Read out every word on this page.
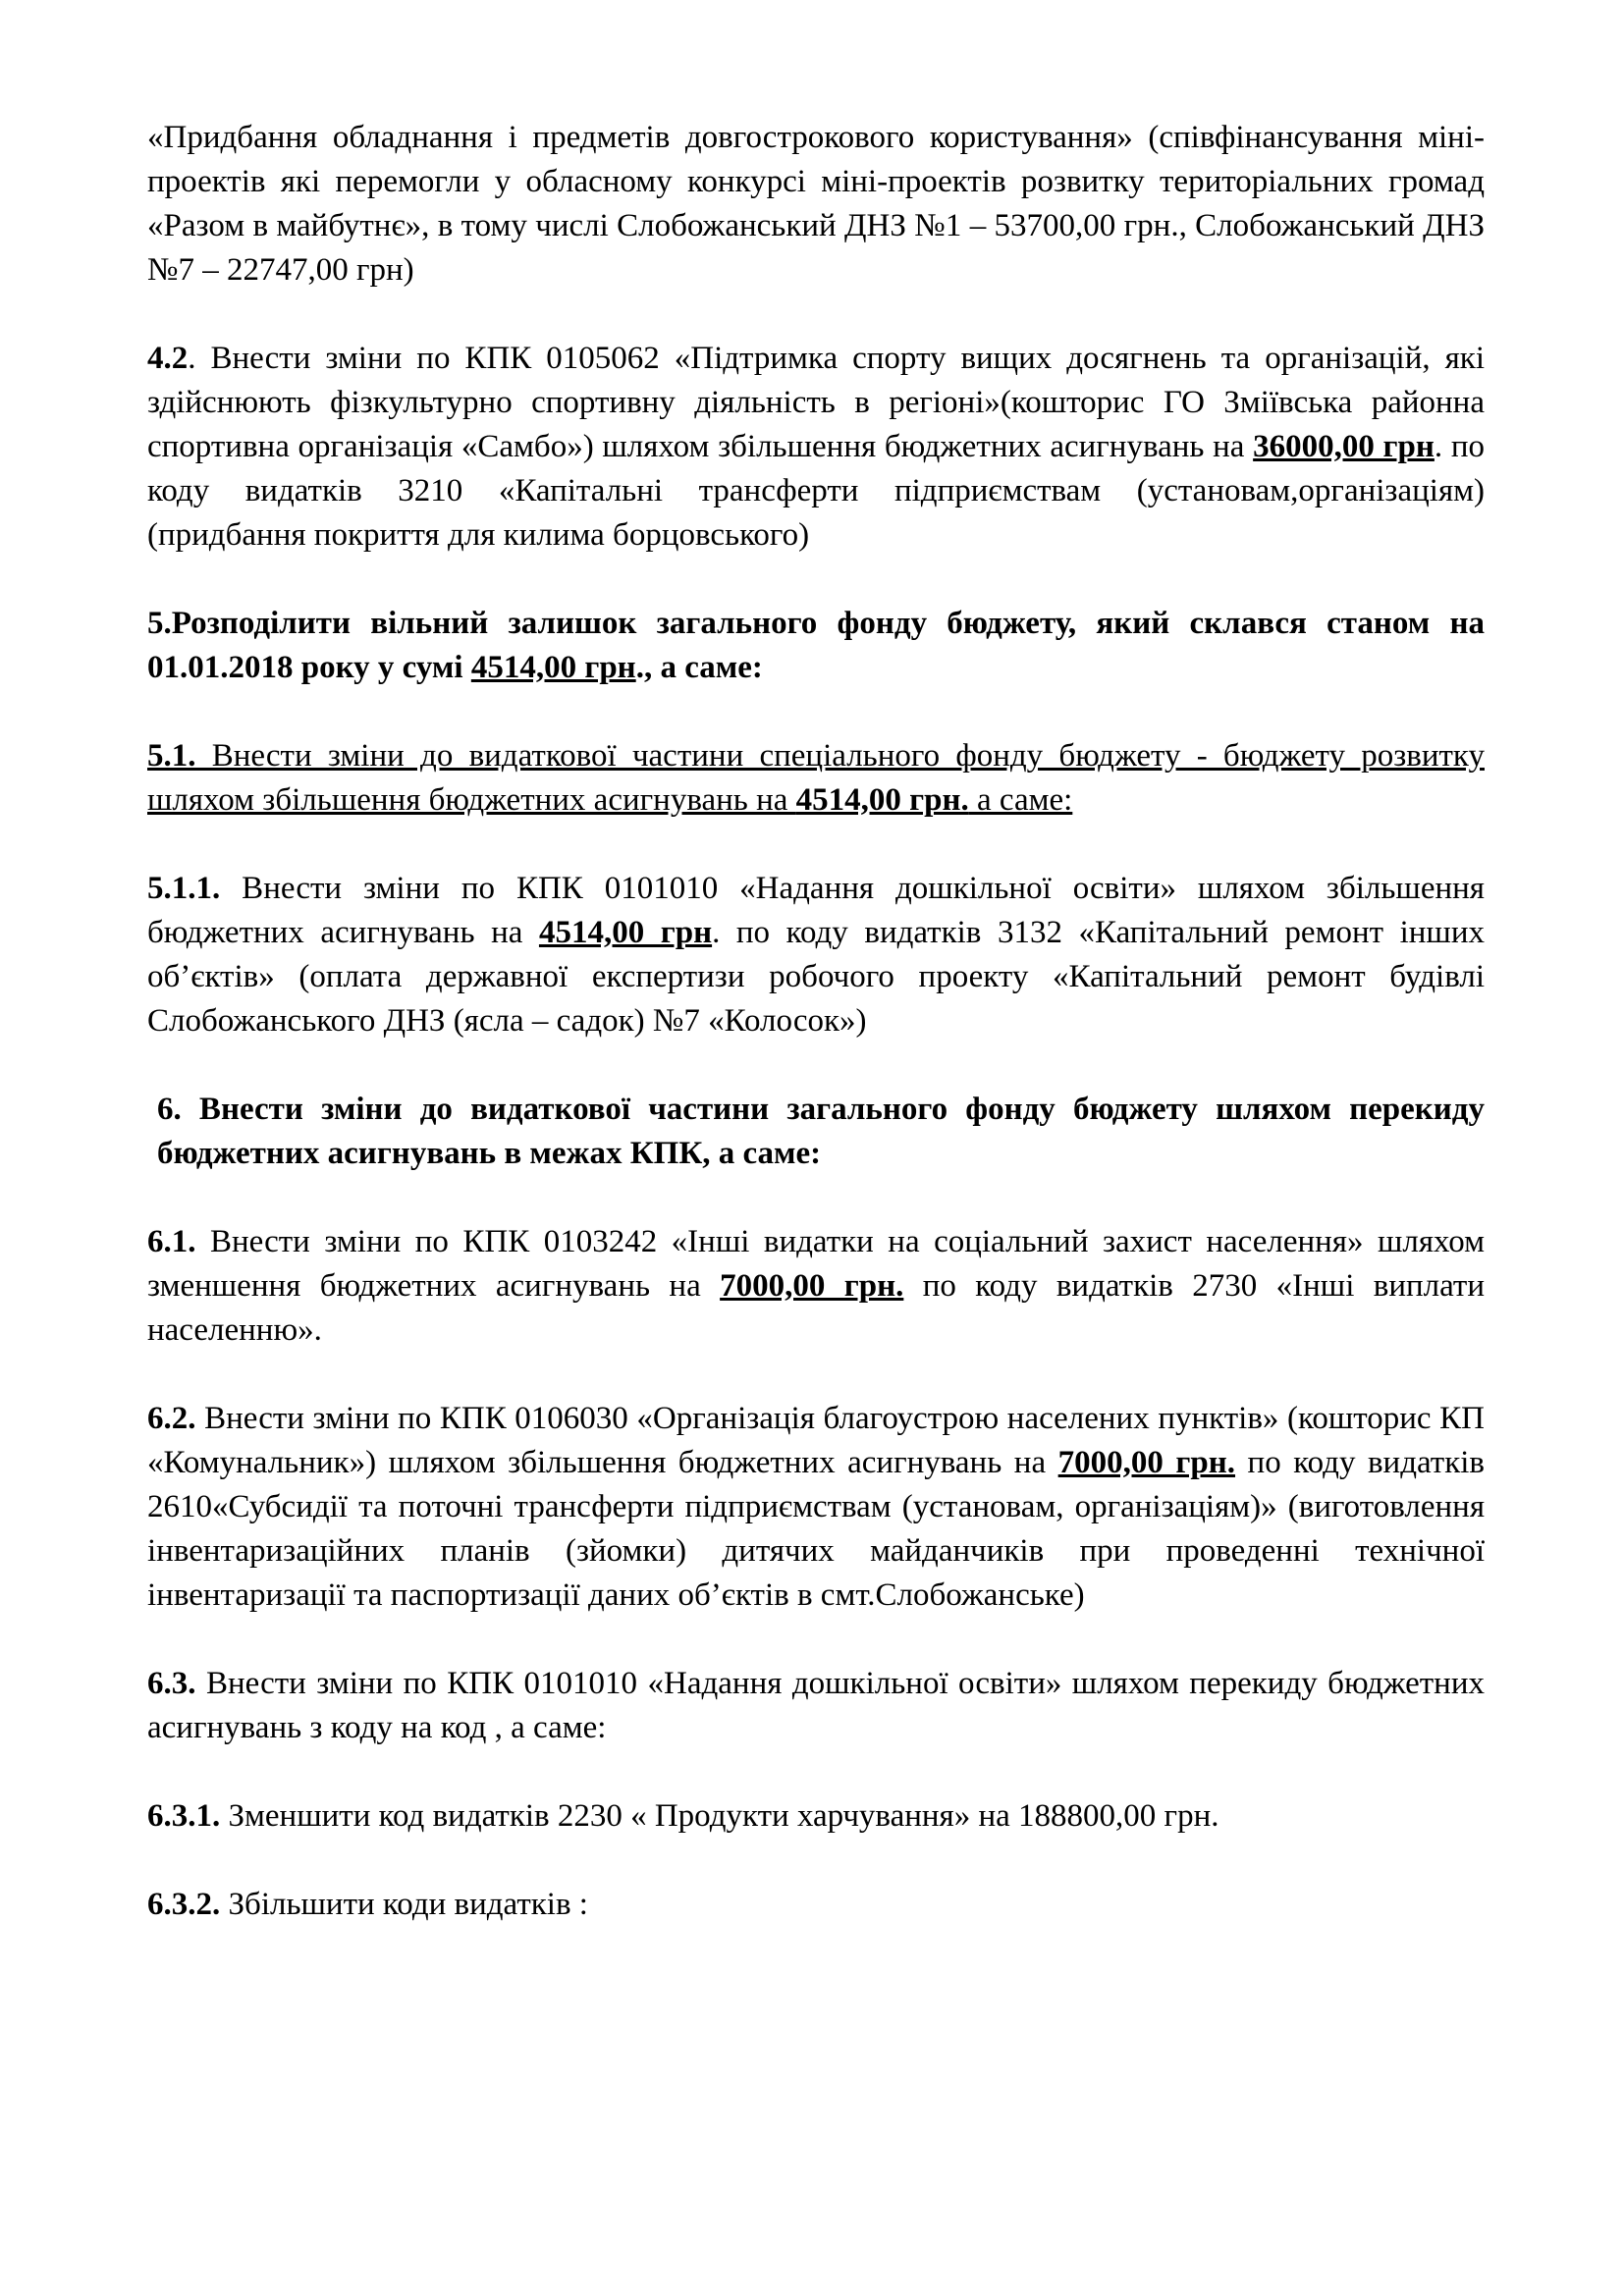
«Придбання обладнання і предметів довгострокового користування» (співфінансування міні-проектів які перемогли у обласному конкурсі міні-проектів розвитку територіальних громад «Разом в майбутнє», в тому числі Слобожанський ДНЗ №1 – 53700,00 грн., Слобожанський ДНЗ №7 – 22747,00 грн)

4.2. Внести зміни по КПК 0105062 «Підтримка спорту вищих досягнень та організацій, які здійснюють фізкультурно спортивну діяльність в регіоні»(кошторис ГО Зміївська районна спортивна організація «Самбо») шляхом збільшення бюджетних асигнувань на 36000,00 грн. по коду видатків 3210 «Капітальні трансферти підприємствам (установам,організаціям) (придбання покриття для килима борцовського)

5.Розподілити вільний залишок загального фонду бюджету, який склався станом на 01.01.2018 року у сумі 4514,00 грн., а саме:

5.1. Внести зміни до видаткової частини спеціального фонду бюджету - бюджету розвитку шляхом збільшення бюджетних асигнувань на 4514,00 грн. а саме:

5.1.1. Внести зміни по КПК 0101010 «Надання дошкільної освіти» шляхом збільшення бюджетних асигнувань на 4514,00 грн. по коду видатків 3132 «Капітальний ремонт інших об’єктів» (оплата державної експертизи робочого проекту «Капітальний ремонт будівлі Слобожанського ДНЗ (ясла – садок) №7 «Колосок»)

6. Внести зміни до видаткової частини загального фонду бюджету шляхом перекиду бюджетних асигнувань в межах КПК, а саме:

6.1. Внести зміни по КПК 0103242 «Інші видатки на соціальний захист населення» шляхом зменшення бюджетних асигнувань на 7000,00 грн. по коду видатків 2730 «Інші виплати населенню».

6.2. Внести зміни по КПК 0106030 «Організація благоустрою населених пунктів» (кошторис КП «Комунальник») шляхом збільшення бюджетних асигнувань на 7000,00 грн. по коду видатків 2610«Субсидії та поточні трансферти підприємствам (установам, організаціям)» (виготовлення інвентаризаційних планів (зйомки) дитячих майданчиків при проведенні технічної інвентаризації та паспортизації даних об’єктів в смт.Слобожанське)

6.3. Внести зміни по КПК 0101010 «Надання дошкільної освіти» шляхом перекиду бюджетних асигнувань з коду на код , а саме:

6.3.1. Зменшити код видатків 2230 « Продукти харчування» на 188800,00 грн.

6.3.2. Збільшити коди видатків :
